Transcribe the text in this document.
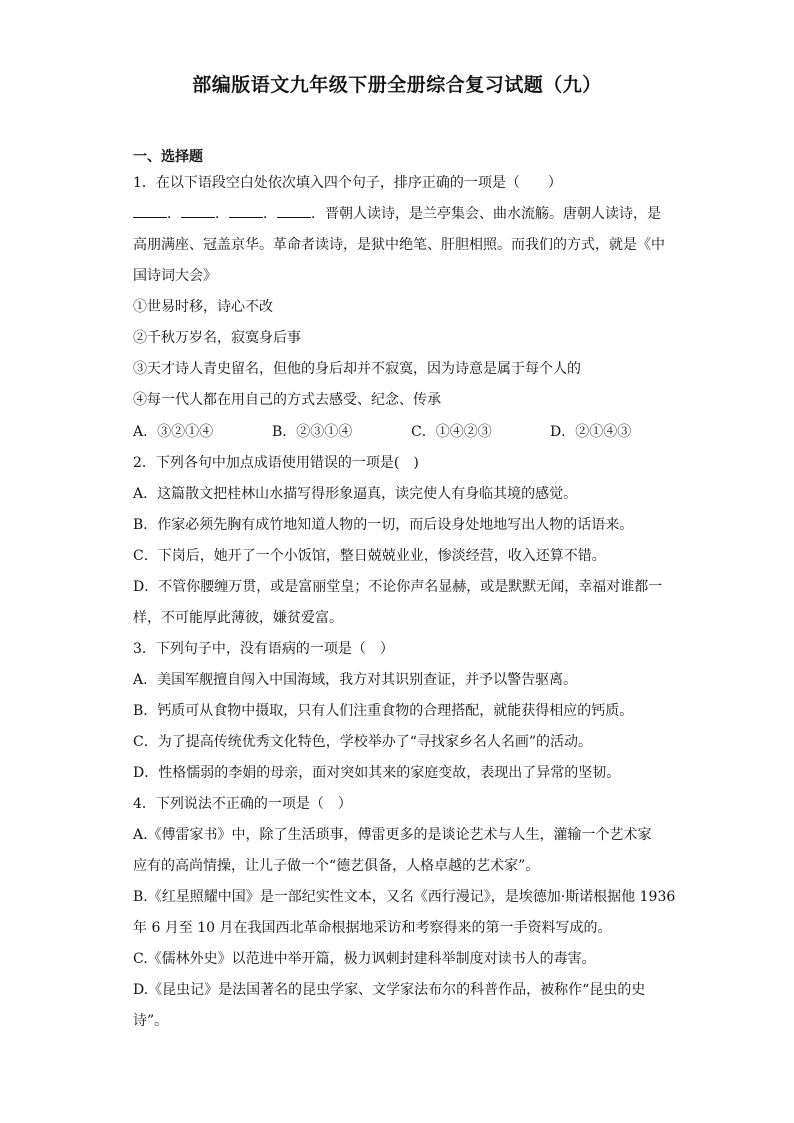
部编版语文九年级下册全册综合复习试题（九）
一、选择题
1．在以下语段空白处依次填入四个句子，排序正确的一项是（　　）
． ． ． ．晋朝人读诗，是兰亭集会、曲水流觞。唐朝人读诗，是
高朋满座、冠盖京华。革命者读诗，是狱中绝笔、肝胆相照。而我们的方式，就是《中
国诗词大会》
①世易时移，诗心不改
②千秋万岁名，寂寞身后事
③天才诗人青史留名，但他的身后却并不寂寞，因为诗意是属于每个人的
④每一代人都在用自己的方式去感受、纪念、传承
A．③②①④	B．②③①④	C．①④②③	D．②①④③
2．下列各句中加点成语使用错误的一项是(　)
A．这篇散文把桂林山水描写得形象逼真，读完使人有身临其境的感觉。
B．作家必须先胸有成竹地知道人物的一切，而后设身处地地写出人物的话语来。
C．下岗后，她开了一个小饭馆，整日兢兢业业，惨淡经营，收入还算不错。
D．不管你腰缠万贯，或是富丽堂皇；不论你声名显赫，或是默默无闻，幸福对谁都一
样，不可能厚此薄彼，嫌贫爱富。
3．下列句子中，没有语病的一项是（　）
A．美国军舰擅自闯入中国海域，我方对其识别查证，并予以警告驱离。
B．钙质可从食物中摄取，只有人们注重食物的合理搭配，就能获得相应的钙质。
C．为了提高传统优秀文化特色，学校举办了“寻找家乡名人名画”的活动。
D．性格懦弱的李娟的母亲，面对突如其来的家庭变故，表现出了异常的坚韧。
4．下列说法不正确的一项是（　）
A.《傅雷家书》中，除了生活琐事，傅雷更多的是谈论艺术与人生，灌输一个艺术家
应有的高尚情操，让儿子做一个“德艺俱备，人格卓越的艺术家”。
B.《红星照耀中国》是一部纪实性文本，又名《西行漫记》，是埃德加·斯诺根据他 1936
年 6 月至 10 月在我国西北革命根据地采访和考察得来的第一手资料写成的。
C.《儒林外史》以范进中举开篇，极力讽刺封建科举制度对读书人的毒害。
D.《昆虫记》是法国著名的昆虫学家、文学家法布尔的科普作品，被称作“昆虫的史
诗”。
